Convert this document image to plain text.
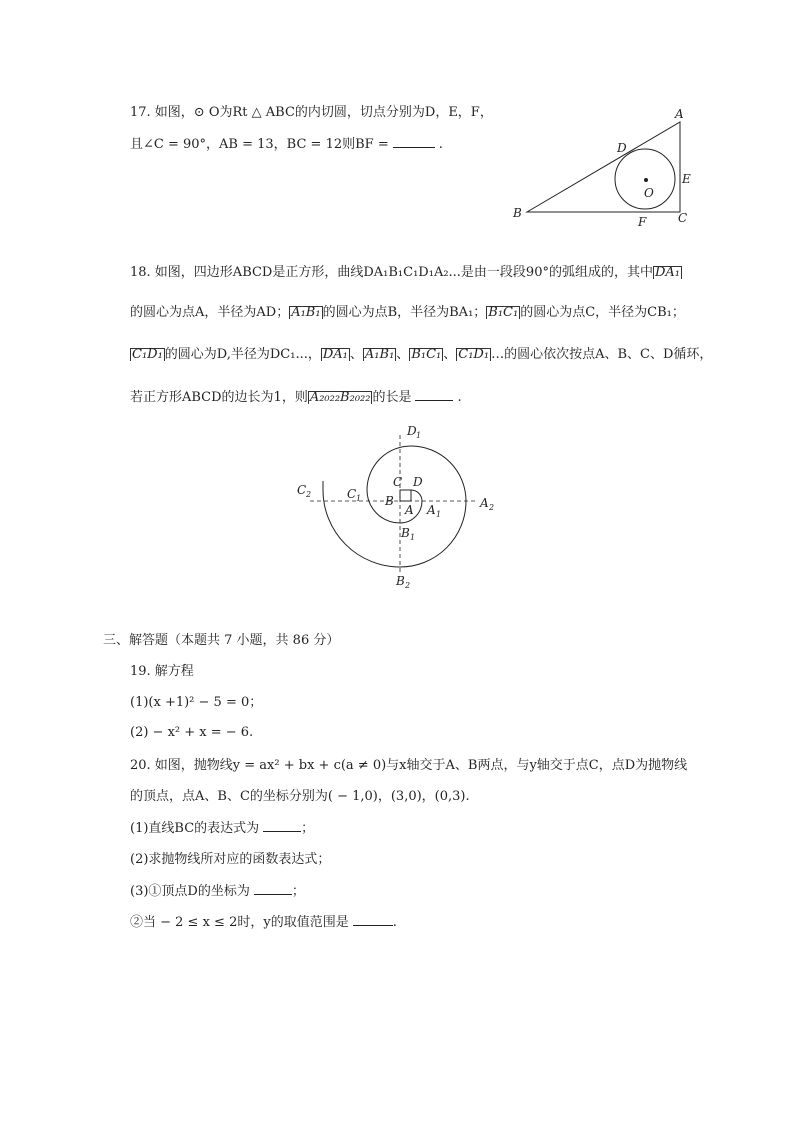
17. 如图，⊙ O为Rt △ ABC的内切圆，切点分别为D，E，F，
且∠C = 90°，AB = 13，BC = 12则BF =	.
A
B	C
D
E
F
O
18. 如图，四边形ABCD是正方形，曲线DA₁B₁C₁D₁A₂...是由一段段90°的弧组成的，其中 DA₁
的圆心为点A，半径为AD； A₁B₁ 的圆心为点B，半径为BA₁； B₁C₁ 的圆心为点C，半径为CB₁；
C₁D₁ 的圆心为D,半径为DC₁...， DA₁ 、 A₁B₁ 、 B₁C₁ 、 C₁D₁ …的圆心依次按点A、B、C、D循环，
若正方形ABCD的边长为1，则 A₂₀₂₂B₂₀₂₂ 的长是	.
D 1
C 2	C 1
C D
B
A A 1
A 2
B 1
B 2
三、解答题（本题共 7 小题，共 86 分）
19. 解方程
(1)(x +1)² − 5 = 0；
(2) − x² + x = − 6.
20. 如图，抛物线y = ax² + bx + c(a ≠ 0)与x轴交于A、B两点，与y轴交于点C，点D为抛物线
的顶点，点A、B、C的坐标分别为( − 1,0)，(3,0)，(0,3).
(1)直线BC的表达式为	；
(2)求抛物线所对应的函数表达式；
(3)①顶点D的坐标为	；
②当 − 2 ≤ x ≤ 2时，y的取值范围是	.
